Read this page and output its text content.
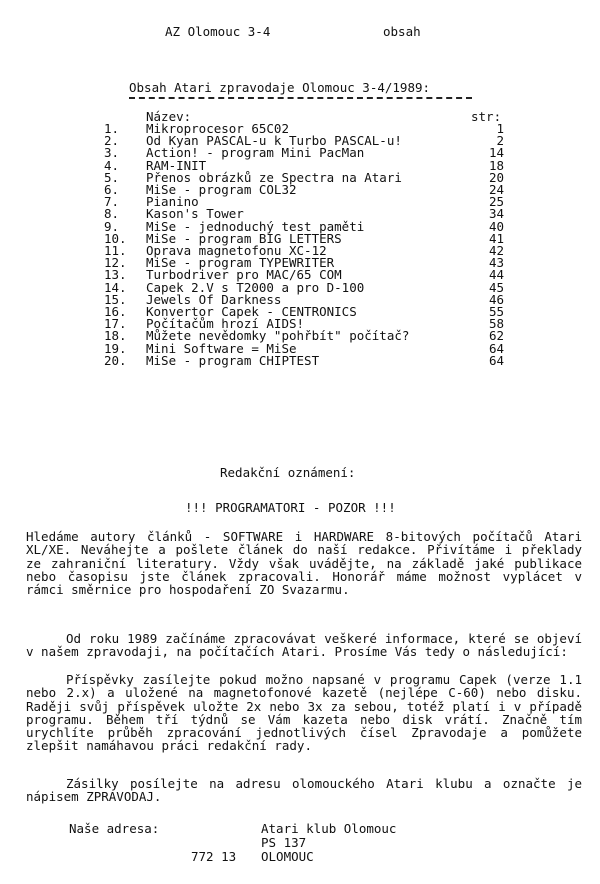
AZ Olomouc 3-4	obsah
Obsah Atari zpravodaje Olomouc 3-4/1989:
Název:	str:
1. Mikroprocesor 65C02	1
2. Od Kyan PASCAL-u k Turbo PASCAL-u!	2
3. Action! - program Mini PacMan	14
4. RAM-INIT	18
5. Přenos obrázků ze Spectra na Atari	20
6. MiSe - program COL32	24
7. Pianino	25
8. Kason's Tower	34
9. MiSe - jednoduchý test paměti	40
10. MiSe - program BIG LETTERS	41
11. Oprava magnetofonu XC-12	42
12. MiSe - program TYPEWRITER	43
13. Turbodriver pro MAC/65 COM	44
14. Capek 2.V s T2000 a pro D-100	45
15. Jewels Of Darkness	46
16. Konvertor Capek - CENTRONICS	55
17. Počítačům hrozí AIDS!	58
18. Můžete nevědomky "pohřbít" počítač?	62
19. Mini Software = MiSe	64
20. MiSe - program CHIPTEST	64
Redakční oznámení:
!!! PROGRAMATORI - POZOR !!!
Hledáme autory článků - SOFTWARE i HARDWARE 8-bitových počítačů Atari XL/XE. Neváhejte a pošlete článek do naší redakce. Přivítáme i překlady ze zahraniční literatury. Vždy však uvádějte, na základě jaké publikace nebo časopisu jste článek zpracovali. Honorář máme možnost vyplácet v rámci směrnice pro hospodaření ZO Svazarmu.
Od roku 1989 začínáme zpracovávat veškeré informace, které se objeví v našem zpravodaji, na počítačích Atari. Prosíme Vás tedy o následující:
Příspěvky zasílejte pokud možno napsané v programu Capek (verze 1.1 nebo 2.x) a uložené na magnetofonové kazetě (nejlépe C-60) nebo disku. Raději svůj příspěvek uložte 2x nebo 3x za sebou, totéž platí i v případě programu. Během tří týdnů se Vám kazeta nebo disk vrátí. Značně tím urychlíte průběh zpracování jednotlivých čísel Zpravodaje a pomůžete zlepšit namáhavou práci redakční rady.
Zásilky posílejte na adresu olomouckého Atari klubu a označte je nápisem ZPRAVODAJ.
Naše adresa:	Atari klub Olomouc
PS 137
772 13 OLOMOUC
